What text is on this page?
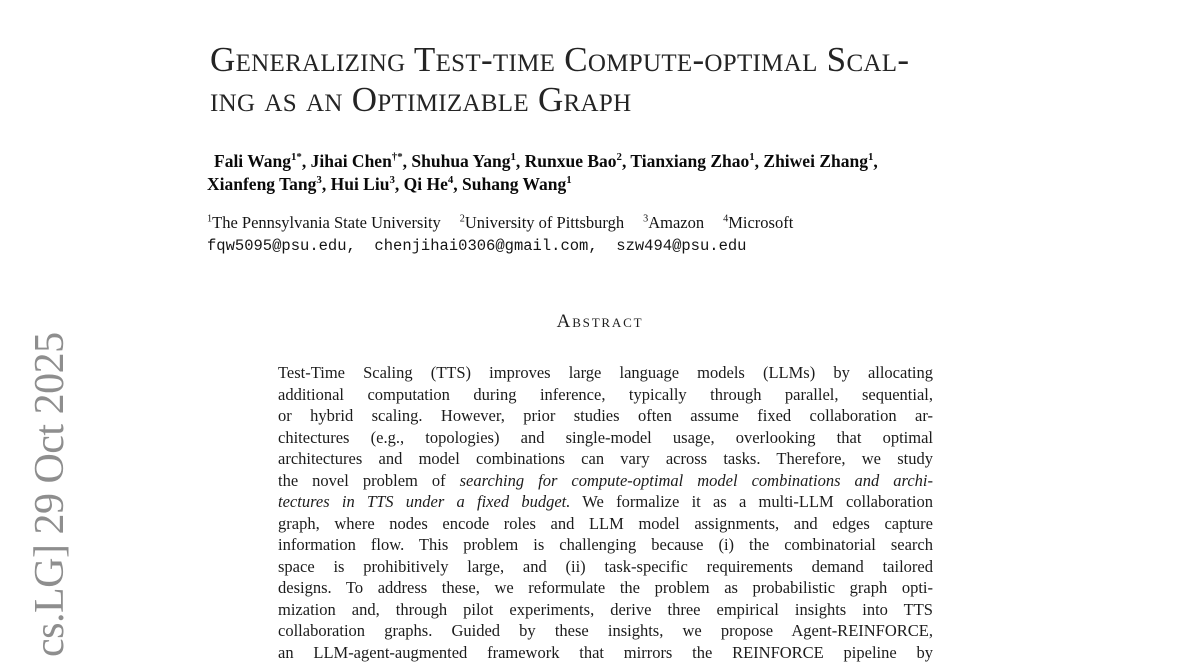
cs.LG] 29 Oct 2025
Generalizing Test-time Compute-optimal Scal-
ing as an Optimizable Graph
Fali Wang$^{1*}$, Jihai Chen†*, Shuhua Yang$^1$, Runxue Bao$^2$, Tianxiang Zhao$^1$, Zhiwei Zhang$^1$,
Xianfeng Tang$^3$, Hui Liu$^3$, Qi He$^4$, Suhang Wang$^1$
$^1$The Pennsylvania State University $^2$University of Pittsburgh $^3$Amazon $^4$Microsoft
fqw5095@psu.edu,  chenjihai0306@gmail.com,  szw494@psu.edu
Abstract
Test-Time Scaling (TTS) improves large language models (LLMs) by allocating
additional computation during inference, typically through parallel, sequential,
or hybrid scaling. However, prior studies often assume fixed collaboration ar-
chitectures (e.g., topologies) and single-model usage, overlooking that optimal
architectures and model combinations can vary across tasks. Therefore, we study
the novel problem of searching for compute-optimal model combinations and archi-
tectures in TTS under a fixed budget. We formalize it as a multi-LLM collaboration
graph, where nodes encode roles and LLM model assignments, and edges capture
information flow. This problem is challenging because (i) the combinatorial search
space is prohibitively large, and (ii) task-specific requirements demand tailored
designs. To address these, we reformulate the problem as probabilistic graph opti-
mization and, through pilot experiments, derive three empirical insights into TTS
collaboration graphs. Guided by these insights, we propose Agent-REINFORCE,
an LLM-agent-augmented framework that mirrors the REINFORCE pipeline by
